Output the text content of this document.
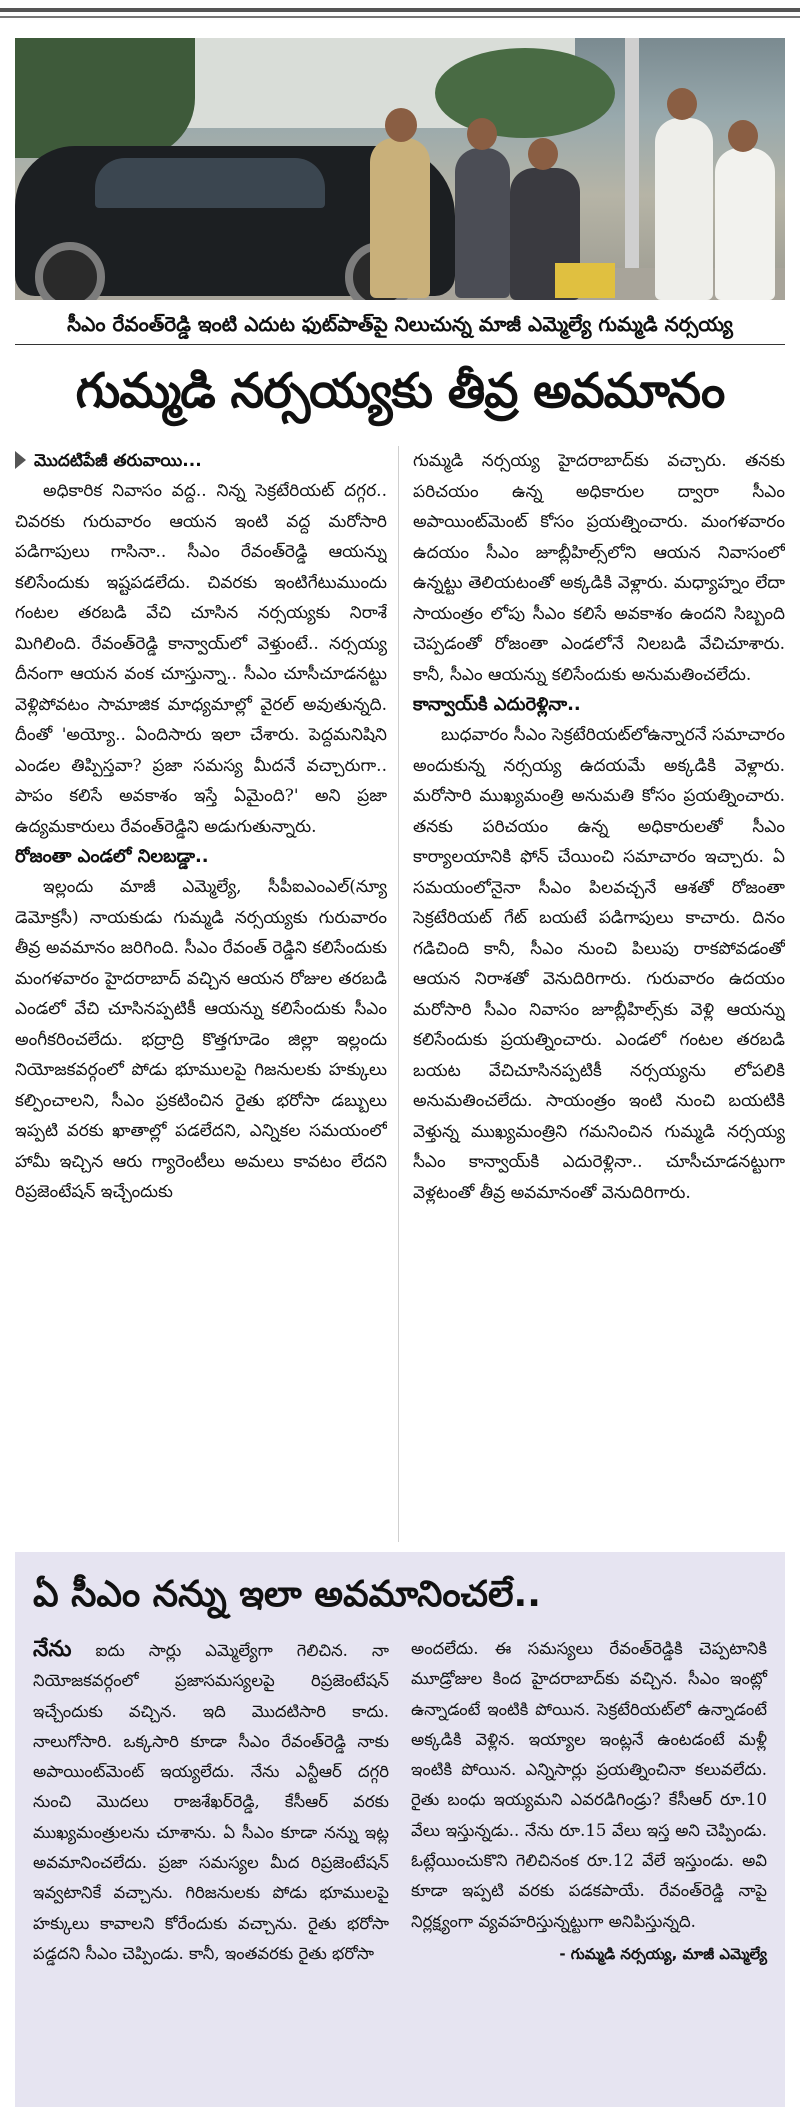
సీఎం రేవంత్‌రెడ్డి ఇంటి ఎదుట ఫుట్‌పాత్‌పై నిలుచున్న మాజీ ఎమ్మెల్యే గుమ్మడి నర్సయ్య
గుమ్మడి నర్సయ్యకు తీవ్ర అవమానం
మొదటిపేజీ తరువాయి...

అధికారిక నివాసం వద్ద.. నిన్న సెక్రటేరియట్‌ దగ్గర.. చివరకు గురువారం ఆయన ఇంటి వద్ద మరోసారి పడిగాపులు గాసినా.. సీఎం రేవంత్‌రెడ్డి ఆయన్ను కలిసేందుకు ఇష్టపడలేదు. చివరకు ఇంటిగేటుముందు గంటల తరబడి వేచి చూసిన నర్సయ్యకు నిరాశే మిగిలింది. రేవంత్‌రెడ్డి కాన్వాయ్‌లో వెళ్తుంటే.. నర్సయ్య దీనంగా ఆయన వంక చూస్తున్నా.. సీఎం చూసీచూడనట్టు వెళ్లిపోవటం సామాజిక మాధ్యమాల్లో వైరల్‌ అవుతున్నది. దీంతో 'అయ్యో.. ఏందిసారు ఇలా చేశారు. పెద్దమనిషిని ఎండల తిప్పిస్తవా? ప్రజా సమస్య మీదనే వచ్చారుగా.. పాపం కలిసే అవకాశం ఇస్తే ఏమైంది?' అని ప్రజా ఉద్యమకారులు రేవంత్‌రెడ్డిని అడుగుతున్నారు.

రోజంతా ఎండలో నిలబడ్డా..

ఇల్లందు మాజీ ఎమ్మెల్యే, సీపీఐఎంఎల్‌(న్యూ డెమోక్రసీ) నాయకుడు గుమ్మడి నర్సయ్యకు గురువారం తీవ్ర అవమానం జరిగింది. సీఎం రేవంత్‌ రెడ్డిని కలిసేందుకు మంగళవారం హైదరాబాద్‌ వచ్చిన ఆయన రోజుల తరబడి ఎండలో వేచి చూసినప్పటికీ ఆయన్ను కలిసేందుకు సీఎం అంగీకరించలేదు. భద్రాద్రి కొత్తగూడెం జిల్లా ఇల్లందు నియోజకవర్గంలో పోడు భూములపై గిజనులకు హక్కులు కల్పించాలని, సీఎం ప్రకటించిన రైతు భరోసా డబ్బులు ఇప్పటి వరకు ఖాతాల్లో పడలేదని, ఎన్నికల సమయంలో హామీ ఇచ్చిన ఆరు గ్యారెంటీలు అమలు కావటం లేదని రిప్రజెంటేషన్‌ ఇచ్చేందుకు

గుమ్మడి నర్సయ్య హైదరాబాద్‌కు వచ్చారు. తనకు పరిచయం ఉన్న అధికారుల ద్వారా సీఎం అపాయింట్‌మెంట్‌ కోసం ప్రయత్నించారు. మంగళవారం ఉదయం సీఎం జూబ్లీహిల్స్‌లోని ఆయన నివాసంలో ఉన్నట్టు తెలియటంతో అక్కడికి వెళ్లారు. మధ్యాహ్నం లేదా సాయంత్రం లోపు సీఎం కలిసే అవకాశం ఉందని సిబ్బంది చెప్పడంతో రోజంతా ఎండలోనే నిలబడి వేచిచూశారు. కానీ, సీఎం ఆయన్ను కలిసేందుకు అనుమతించలేదు.

కాన్వాయ్‌కి ఎదురెళ్లినా..

బుధవారం సీఎం సెక్రటేరియట్‌లోఉన్నారనే సమాచారం అందుకున్న నర్సయ్య ఉదయమే అక్కడికి వెళ్లారు. మరోసారి ముఖ్యమంత్రి అనుమతి కోసం ప్రయత్నించారు. తనకు పరిచయం ఉన్న అధికారులతో సీఎం కార్యాలయానికి ఫోన్‌ చేయించి సమాచారం ఇచ్చారు. ఏ సమయంలోనైనా సీఎం పిలవచ్చనే ఆశతో రోజంతా సెక్రటేరియట్‌ గేట్‌ బయటే పడిగాపులు కాచారు. దినం గడిచింది కానీ, సీఎం నుంచి పిలుపు రాకపోవడంతో ఆయన నిరాశతో వెనుదిరిగారు. గురువారం ఉదయం మరోసారి సీఎం నివాసం జూబ్లీహిల్స్‌కు వెళ్లి ఆయన్ను కలిసేందుకు ప్రయత్నించారు. ఎండలో గంటల తరబడి బయట వేచిచూసినప్పటికీ నర్సయ్యను లోపలికి అనుమతించలేదు. సాయంత్రం ఇంటి నుంచి బయటికి వెళ్తున్న ముఖ్యమంత్రిని గమనించిన గుమ్మడి నర్సయ్య సీఎం కాన్వాయ్‌కి ఎదురెళ్లినా.. చూసీచూడనట్టుగా వెళ్లటంతో తీవ్ర అవమానంతో వెనుదిరిగారు.

ఏ సీఎం నన్ను ఇలా అవమానించలే..
నేను ఐదు సార్లు ఎమ్మెల్యేగా గెలిచిన. నా నియోజకవర్గంలో ప్రజాసమస్యలపై రిప్రజెంటేషన్‌ ఇచ్చేందుకు వచ్చిన. ఇది మొదటిసారి కాదు. నాలుగోసారి. ఒక్కసారి కూడా సీఎం రేవంత్‌రెడ్డి నాకు అపాయింట్‌మెంట్‌ ఇయ్యలేదు. నేను ఎన్టీఆర్‌ దగ్గరి నుంచి మొదలు రాజశేఖర్‌రెడ్డి, కేసీఆర్‌ వరకు ముఖ్యమంత్రులను చూశాను. ఏ సీఎం కూడా నన్ను ఇట్ల అవమానించలేదు. ప్రజా సమస్యల మీద రిప్రజెంటేషన్‌ ఇవ్వటానికే వచ్చాను. గిరిజనులకు పోడు భూములపై హక్కులు కావాలని కోరేందుకు వచ్చాను. రైతు భరోసా పడ్డదని సీఎం చెప్పిండు. కానీ, ఇంతవరకు రైతు భరోసా
అందలేదు. ఈ సమస్యలు రేవంత్‌రెడ్డికి చెప్పటానికి మూడ్రోజుల కింద హైదరాబాద్‌కు వచ్చిన. సీఎం ఇంట్లో ఉన్నాడంటే ఇంటికి పోయిన. సెక్రటేరియట్‌లో ఉన్నాడంటే అక్కడికి వెళ్లిన. ఇయ్యాల ఇంట్లనే ఉంటడంటే మళ్లీ ఇంటికి పోయిన. ఎన్నిసార్లు ప్రయత్నించినా కలువలేదు. రైతు బంధు ఇయ్యమని ఎవరడిగిండ్రు? కేసీఆర్‌ రూ.10 వేలు ఇస్తున్నడు.. నేను రూ.15 వేలు ఇస్త అని చెప్పిండు. ఓట్లేయించుకొని గెలిచినంక రూ.12 వేలే ఇస్తుండు. అవి కూడా ఇప్పటి వరకు పడకపాయే. రేవంత్‌రెడ్డి నాపై నిర్లక్ష్యంగా వ్యవహరిస్తున్నట్టుగా అనిపిస్తున్నది.
- గుమ్మడి నర్సయ్య, మాజీ ఎమ్మెల్యే
